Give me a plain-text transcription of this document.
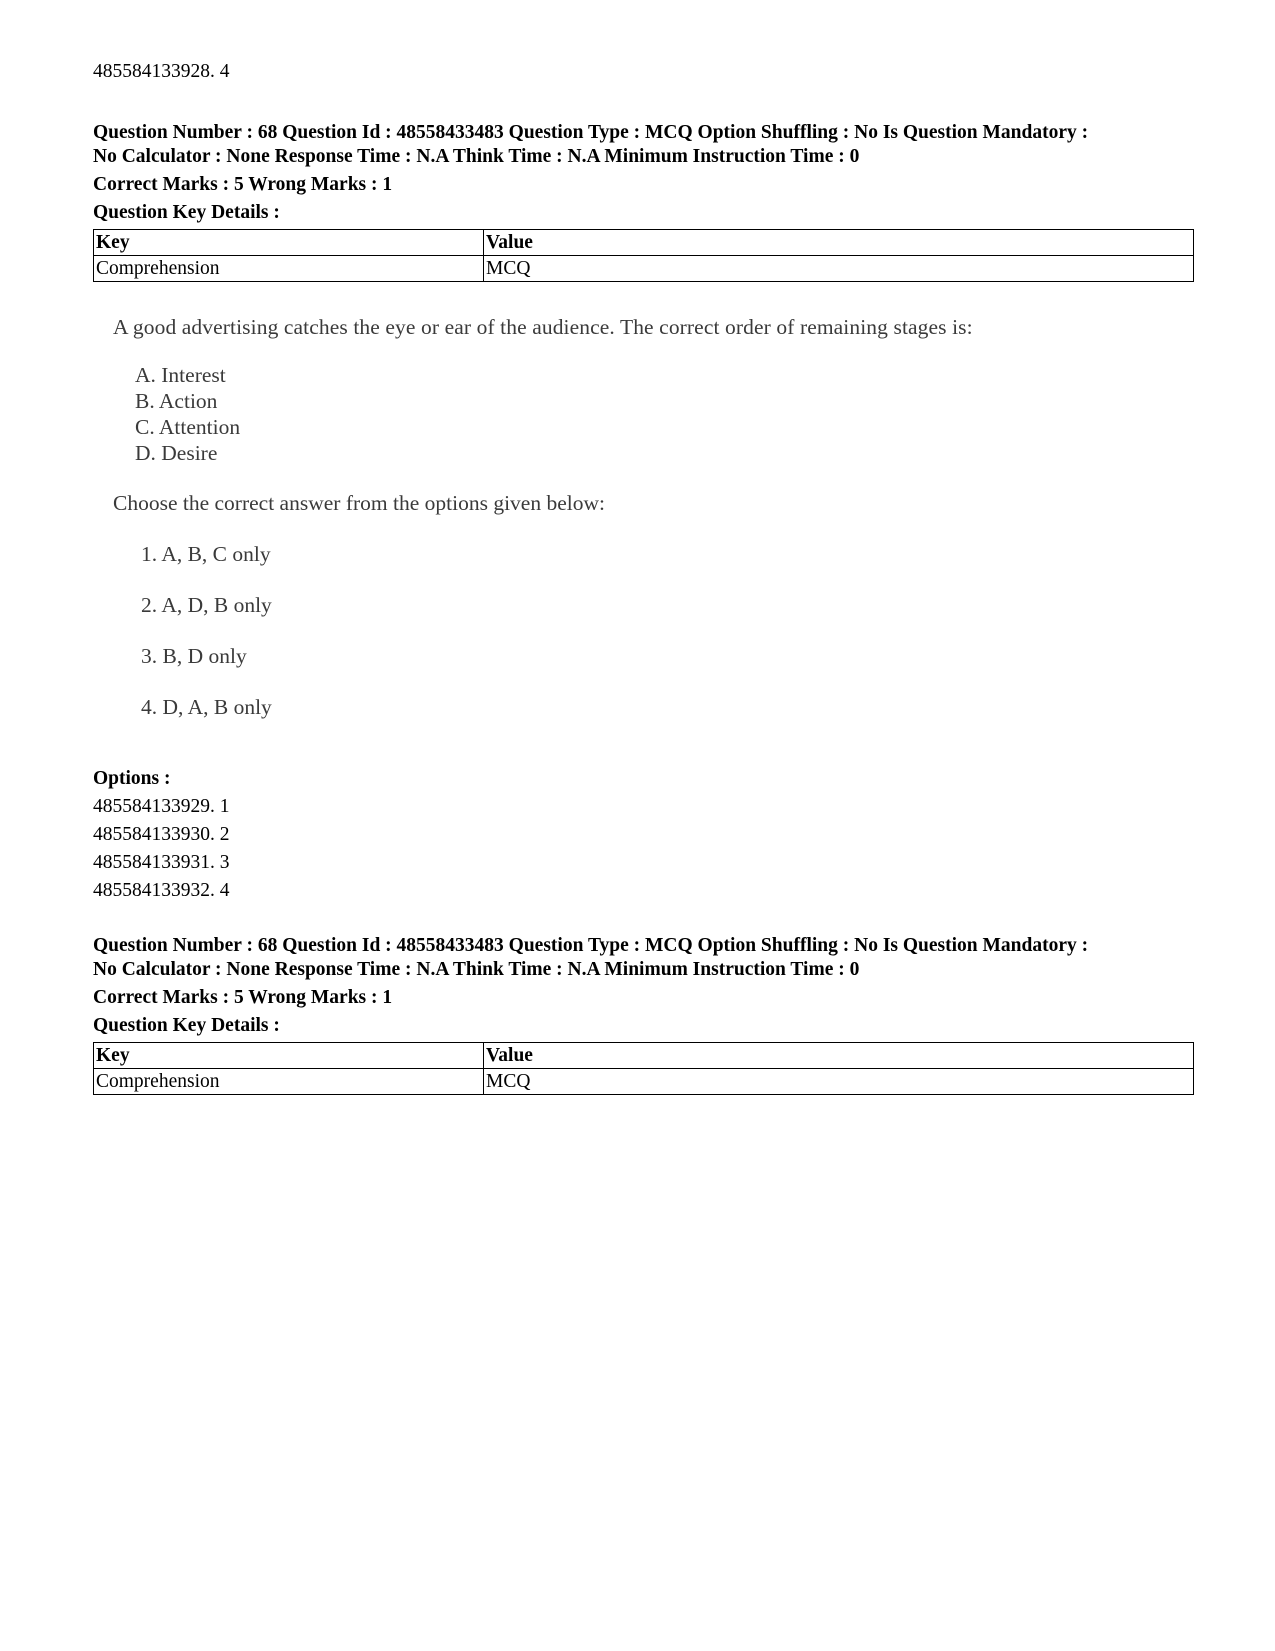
485584133928. 4
Question Number : 68 Question Id : 48558433483 Question Type : MCQ Option Shuffling : No Is Question Mandatory :
No Calculator : None Response Time : N.A Think Time : N.A Minimum Instruction Time : 0
Correct Marks : 5 Wrong Marks : 1
Question Key Details :
Key	Value
Comprehension	MCQ
A good advertising catches the eye or ear of the audience. The correct order of remaining stages is:
A. Interest
B. Action
C. Attention
D. Desire
Choose the correct answer from the options given below:
1. A, B, C only
2. A, D, B only
3. B, D only
4. D, A, B only
Options :
485584133929. 1
485584133930. 2
485584133931. 3
485584133932. 4
Question Number : 68 Question Id : 48558433483 Question Type : MCQ Option Shuffling : No Is Question Mandatory :
No Calculator : None Response Time : N.A Think Time : N.A Minimum Instruction Time : 0
Correct Marks : 5 Wrong Marks : 1
Question Key Details :
Key	Value
Comprehension	MCQ
